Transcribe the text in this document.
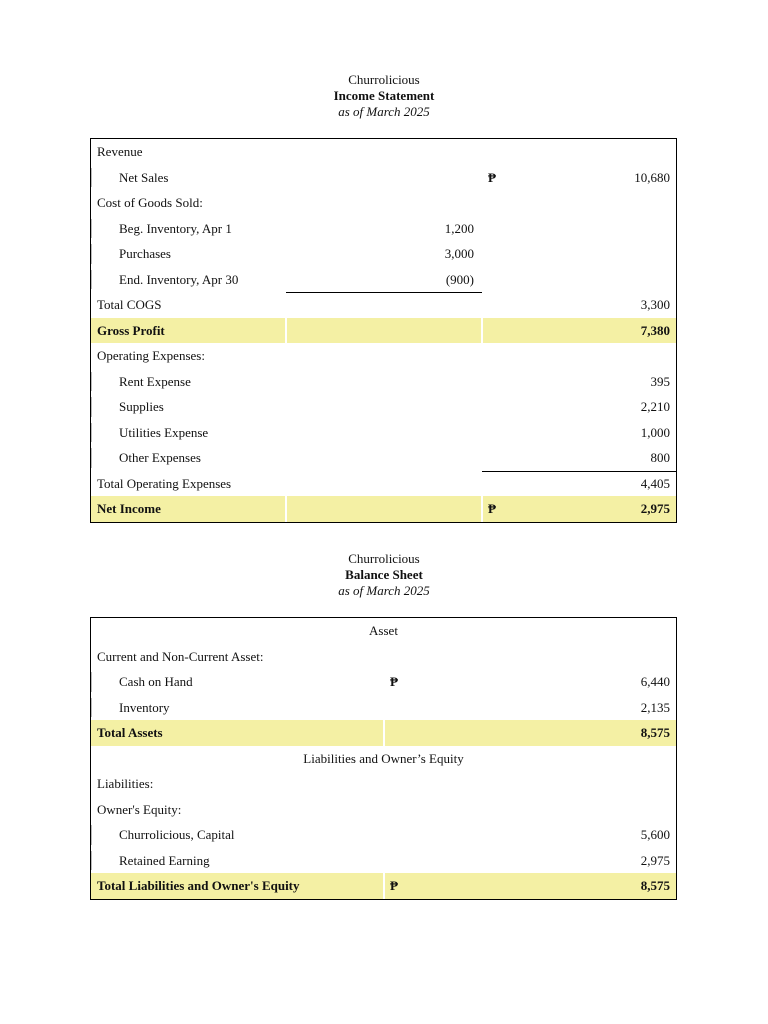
Churrolicious
Income Statement
as of March 2025
Revenue
Net Sales	₱	10,680
Cost of Goods Sold:
Beg. Inventory, Apr 1	1,200
Purchases	3,000
End. Inventory, Apr 30	(900)
Total COGS	3,300
Gross Profit	7,380
Operating Expenses:
Rent Expense	395
Supplies	2,210
Utilities Expense	1,000
Other Expenses	800
Total Operating Expenses	4,405
Net Income	₱	2,975
Churrolicious
Balance Sheet
as of March 2025
Asset
Current and Non-Current Asset:
Cash on Hand	₱	6,440
Inventory	2,135
Total Assets	8,575
Liabilities and Owner’s Equity
Liabilities:
Owner's Equity:
Churrolicious, Capital	5,600
Retained Earning	2,975
Total Liabilities and Owner's Equity	₱	8,575
